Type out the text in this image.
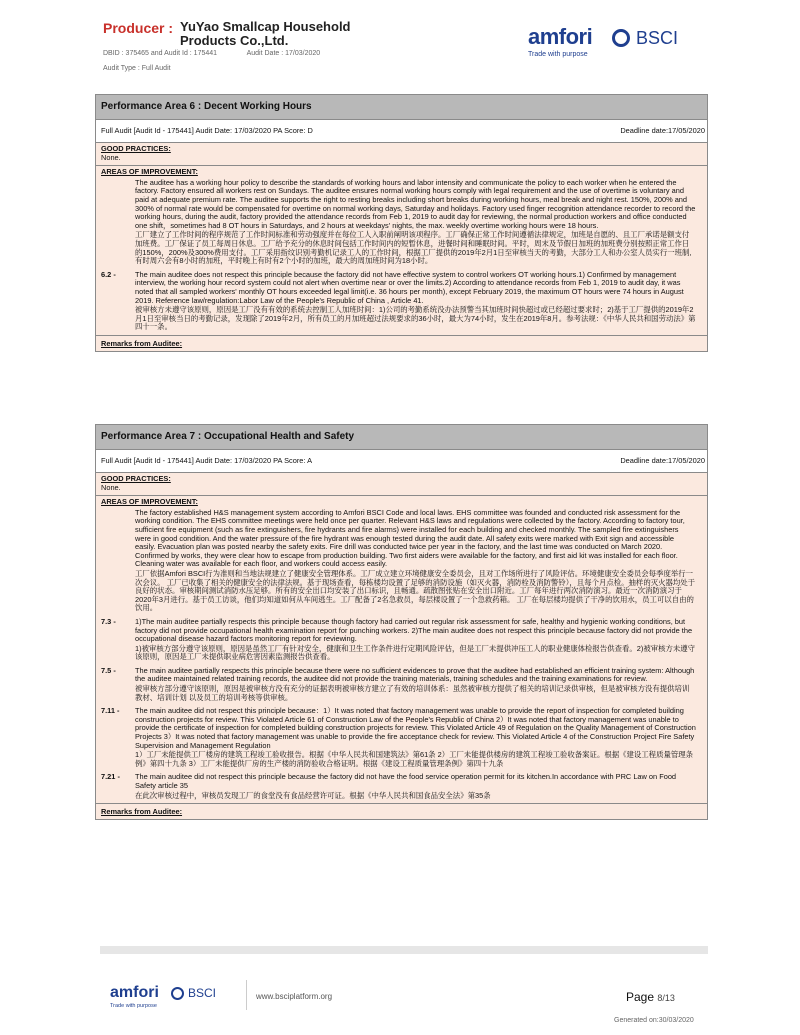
Producer : YuYao Smallcap Household Products Co.,Ltd.
DBID : 375465 and Audit Id : 175441	Audit Date : 17/03/2020
Audit Type : Full Audit
amfori BSCI
Trade with purpose
Performance Area 6 : Decent Working Hours
Full Audit [Audit Id - 175441] Audit Date: 17/03/2020 PA Score: D	Deadline date:17/05/2020
GOOD PRACTICES:
None.
AREAS OF IMPROVEMENT:
The auditee has a working hour policy to describe the standards of working hours and labor intensity and communicate the policy to each worker when he entered the factory. Factory ensured all workers rest on Sundays. The auditee ensures normal working hours comply with legal requirement and the use of overtime is voluntary and paid at adequate premium rate. The auditee supports the right to resting breaks including short breaks during working hours, meal break and night rest. 150%, 200% and 300% of normal rate would be compensated for overtime on normal working days, Saturday and holidays. Factory used finger recognition attendance recorder to record the working hours, during the audit, factory provided the attendance records from Feb 1, 2019 to audit day for reviewing, the normal production workers and office conducted one shift，sometimes had 8 OT hours in Saturdays, and 2 hours at weekdays' nights, the max. weekly overtime working hours were 18 hours.
工厂建立了工作时间的程序规范了工作时间标准和劳动强度并在每位工人入职前阐明该项程序。工厂确保正常工作时间遵循法律规定，加班是自愿的、且工厂承诺是额支付加班费。工厂保证了员工每周日休息。工厂给予充分的休息时间包括工作时间内的短暂休息，进餐时间和睡眠时间。平时，周末及节假日加班的加班费分别按照正常工作日的150%，200%及300%费用支付。工厂采用指纹识别考勤机记录工人的工作时间，根据工厂提供的2019年2月1日至审核当天的考勤，大部分工人和办公室人员实行一班制,有时周六会有8小时的加班，平时晚上有时有2个小时的加班，最大的周加班时间为18小时。
6.2 -	The main auditee does not respect this principle because the factory did not have effective system to control workers OT working hours.1) Confirmed by management interview, the working hour record system could not alert when overtime near or over the limits.2) According to attendance records from Feb 1, 2019 to audit day, it was noted that all sampled workers' monthly OT hours exceeded legal limit(i.e. 36 hours per month), except February 2019, the maximum OT hours were 74 hours in August 2019. Reference law/regulation:Labor Law of the People's Republic of China , Article 41.
被审核方未遵守该原则，原因是工厂没有有效的系统去控制工人加班时间：1)公司的考勤系统没办法预警当其加班时间快超过或已经超过要求时；2)基于工厂提供的2019年2月1日至审核当日的考勤记录，发现除了2019年2月，所有员工的月加班超过法规要求的36小时，最大为74小时，发生在2019年8月。参考法规：《中华人民共和国劳动法》第四十一条。
Remarks from Auditee:
Performance Area 7 : Occupational Health and Safety
Full Audit [Audit Id - 175441] Audit Date: 17/03/2020 PA Score: A	Deadline date:17/05/2020
GOOD PRACTICES:
None.
AREAS OF IMPROVEMENT:
The factory established H&S management system according to Amfori BSCI Code and local laws. EHS committee was founded and conducted risk assessment for the working condition. The EHS committee meetings were held once per quarter. Relevant H&S laws and regulations were collected by the factory. According to factory tour, sufficient fire equipment (such as fire extinguishers, fire hydrants and fire alarms) were installed for each building and checked monthly. The sampled fire extinguishers were in good condition. And the water pressure of the fire hydrant was enough tested during the audit date. All safety exits were marked with Exit sign and accessible easily. Evacuation plan was posted nearby the safety exits. Fire drill was conducted twice per year in the factory, and the last time was conducted on March 2020. Confirmed by works, they were clear how to escape from production building. Two first aiders were available for the factory, and first aid kit was installed for each floor. Cleaning water was available for each floor, and workers could access easily.
工厂依据Amfori BSCI行为准则和当地法规建立了健康安全管理体系。工厂成立建立环境健康安全委员会，且对工作场所进行了风险评估。环境健康安全委员会每季度举行一次会议。 工厂已收集了相关的健康安全的法律法规。基于现场查看，每栋楼均设置了足够的消防设施（如灭火器，消防栓及消防警铃），且每个月点检。抽样的灭火器均处于良好的状态。审核期间测试消防水压足够。所有的安全出口均安装了出口标识，且畅通。疏散图张贴在安全出口附近。工厂每年进行两次消防演习。最近一次消防演习于2020年3月进行。基于员工访谈，他们均知道如何从车间逃生。工厂配备了2名急救员，每层楼设置了一个急救药箱。 工厂在每层楼均提供了干净的饮用水，员工可以自由的饮用。
7.3 -	1)The main auditee partially respects this principle because though factory had carried out regular risk assessment for safe, healthy and hygienic working conditions, but factory did not provide occupational health examination report for punching workers. 2)The main auditee does not respect this principle because factory did not provide the occupational disease hazard factors monitoring report for reviewing.
1)被审核方部分遵守该原则，原因是虽然工厂有针对安全，健康和卫生工作条件进行定期风险评估，但是工厂未提供冲压工人的职业健康体检报告供查看。2)被审核方未遵守该原则，原因是工厂未提供职业病危害因素监测报告供查看。
7.5 -	The main auditee partially respects this principle because there were no sufficient evidences to prove that the auditee had established an efficient training system: Although the auditee maintained related training records, the auditee did not provide the training materials, training schedules and the training examinations for review.
被审核方部分遵守该原则，原因是被审核方没有充分的证据表明被审核方建立了有效的培训体系：虽然被审核方提供了相关的培训记录供审核，但是被审核方没有提供培训教材、培训计划 以及员工的培训考核等供审核。
7.11 -	The main auditee did not respect this principle because：1）It was noted that factory management was unable to provide the report of inspection for completed building construction projects for review. This Violated Article 61 of Construction Law of the People's Republic of China 2）It was noted that factory management was unable to provide the certificate of inspection for completed building construction projects for review. This Violated Article 49 of Regulation on the Quality Management of Construction Projects 3）It was noted that factory management was unable to provide the fire acceptance check for review. This Violated Article 4 of the Construction Project Fire Safety Supervision and Management Regulation
1）工厂未能提供工厂楼房的建筑工程竣工验收报告。根据《中华人民共和国建筑法》第61条 2）工厂未能提供楼房的建筑工程竣工验收备案证。根据《建设工程质量管理条例》第四十九条 3）工厂未能提供厂房的生产楼的消防验收合格证明。根据《建设工程质量管理条例》第四十九条
7.21 -	The main auditee did not respect this principle because the factory did not have the food service operation permit for its kitchen.In accordance with PRC Law on Food Safety article 35
在此次审核过程中，审核员发现工厂的食堂没有食品经营许可证。根据《中华人民共和国食品安全法》第35条
Remarks from Auditee:
amfori BSCI
Trade with purpose
www.bsciplatform.org	Page 8/13
Generated on:30/03/2020
